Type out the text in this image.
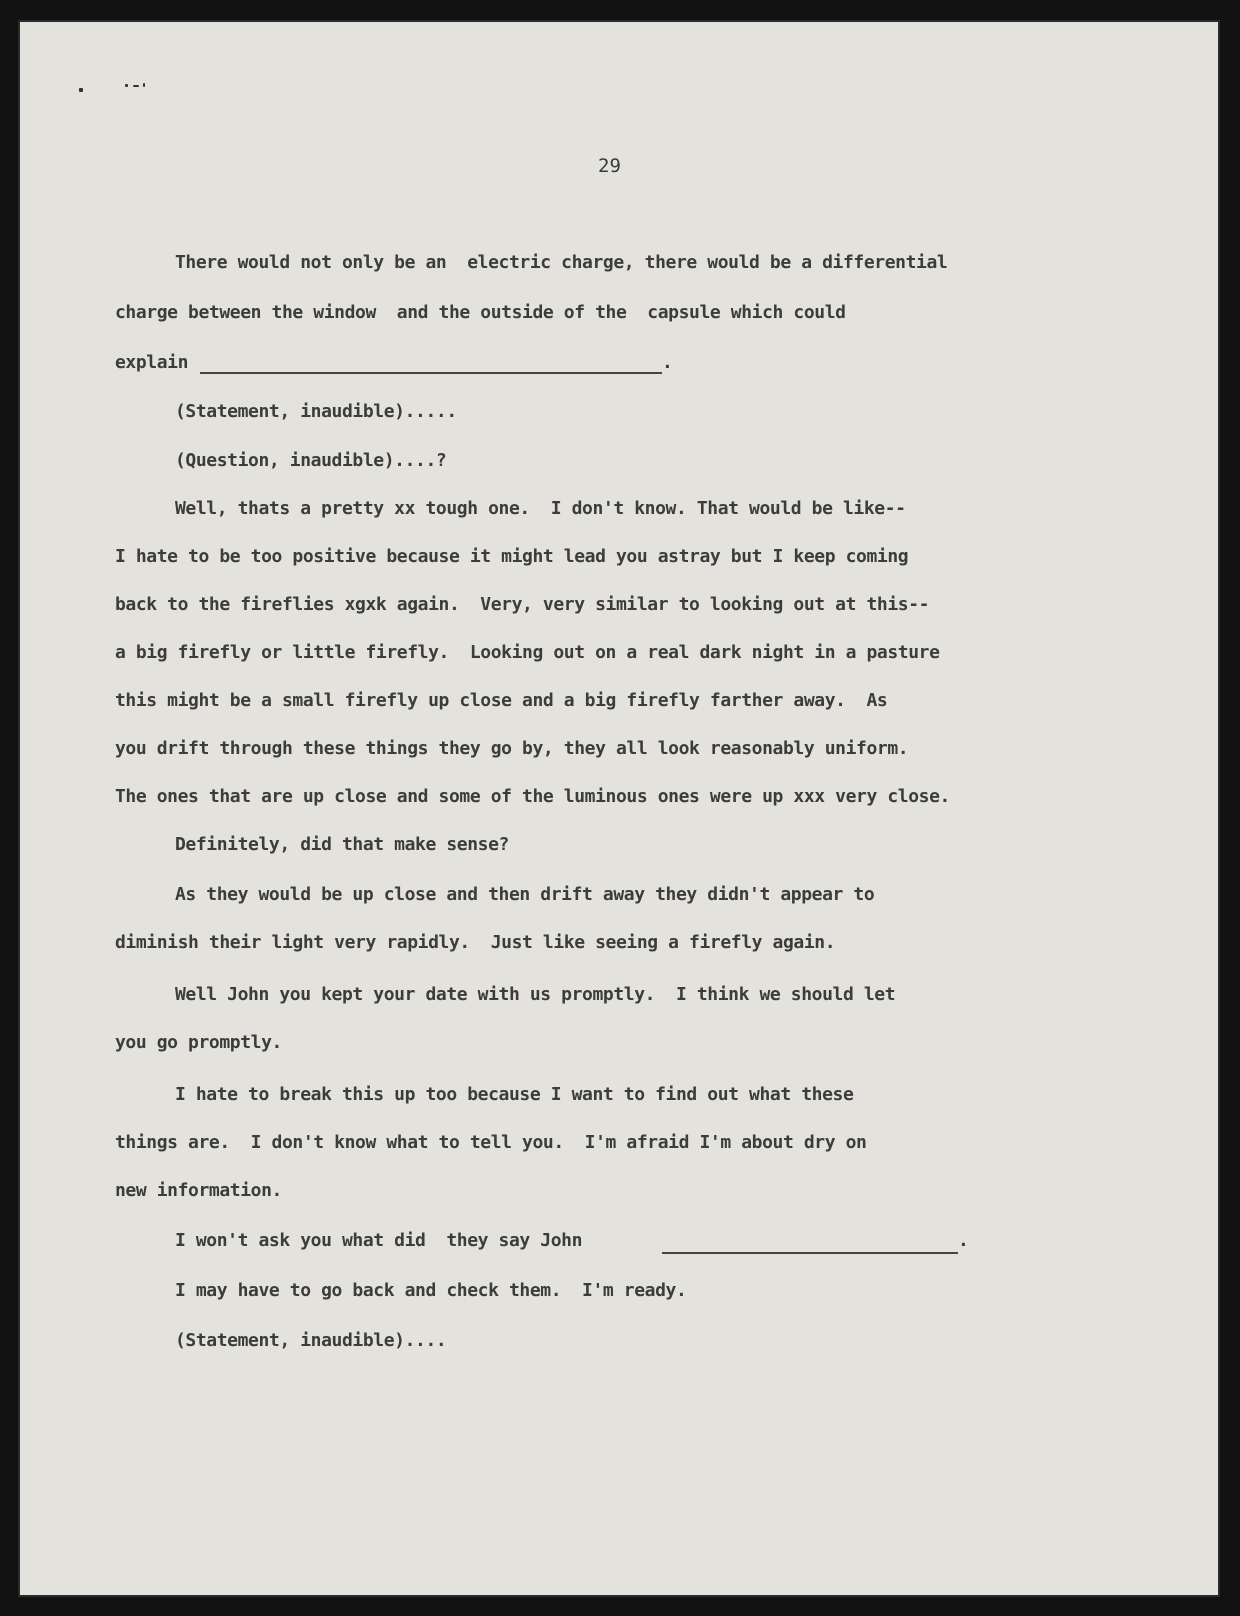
29
There would not only be an  electric charge, there would be a differential
charge between the window  and the outside of the  capsule which could
explain	.
(Statement, inaudible).....
(Question, inaudible)....?
Well, thats a pretty xx tough one.  I don't know. That would be like--
I hate to be too positive because it might lead you astray but I keep coming
back to the fireflies xgxk again.  Very, very similar to looking out at this--
a big firefly or little firefly.  Looking out on a real dark night in a pasture
this might be a small firefly up close and a big firefly farther away.  As
you drift through these things they go by, they all look reasonably uniform.
The ones that are up close and some of the luminous ones were up xxx very close.
Definitely, did that make sense?
As they would be up close and then drift away they didn't appear to
diminish their light very rapidly.  Just like seeing a firefly again.
Well John you kept your date with us promptly.  I think we should let
you go promptly.
I hate to break this up too because I want to find out what these
things are.  I don't know what to tell you.  I'm afraid I'm about dry on
new information.
I won't ask you what did  they say John	.
I may have to go back and check them.  I'm ready.
(Statement, inaudible)....
